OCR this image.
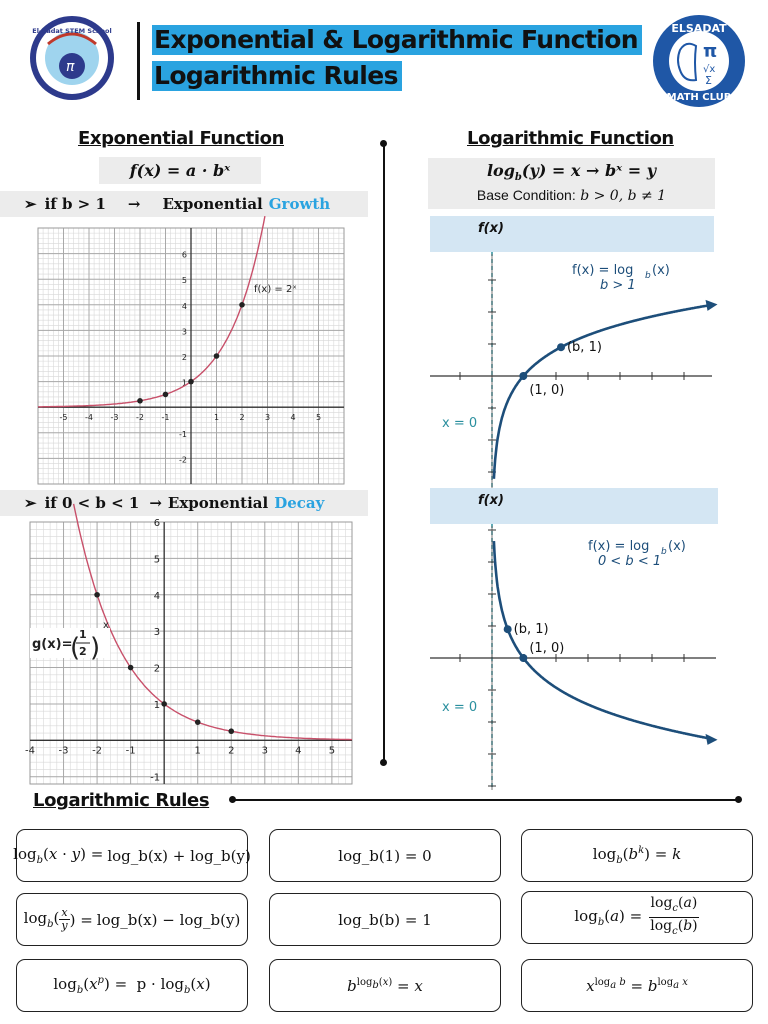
π
El-Sadat STEM School Exponential & Logarithmic Function
Logarithmic Rules
ELSADAT
MATH CLUB
π
√x
Σ
Exponential Function
f(x) = a · bˣ
➢ if b > 1 → Exponential Growth
-5 -4 -3 -2 -1	1	2	3	4	5
-2
-1
1
2
3
4
5
6
f(x) = 2ˣ
➢ if 0 < b < 1 → Exponential Decay
-4 -3 -2 -1	1	2	3	4	5
-1
1
2
3
4
5
6
g(x)=
1
2
( )
x
Logarithmic Function
$\log_b(y) = x$ → bˣ = y
Base Condition: b > 0, b ≠ 1
f(x)
(b, 1)
(1, 0)
x = 0
f(x) = log b (x)
b > 1
f(x)
(b, 1)
(1, 0)
x = 0
f(x) = log b (x)
0 < b < 1
Logarithmic Rules
$\log_b(x \cdot y)$ = log_b(x) + log_b(y)	log_b(1) = 0	$\log_b(b^k) = k$
$\log_b( \frac{x}{y}$ ) = log_b(x) − log_b(y)	log_b(b) = 1	$\log_b(a) = \frac{\log_c(a)}{\log_c(b)}$
$\log_b(x^p) = p \cdot \log_b(x)$	$b^{log_b(x)} = x$	$x^{log_a b} = b^{log_a x}$
